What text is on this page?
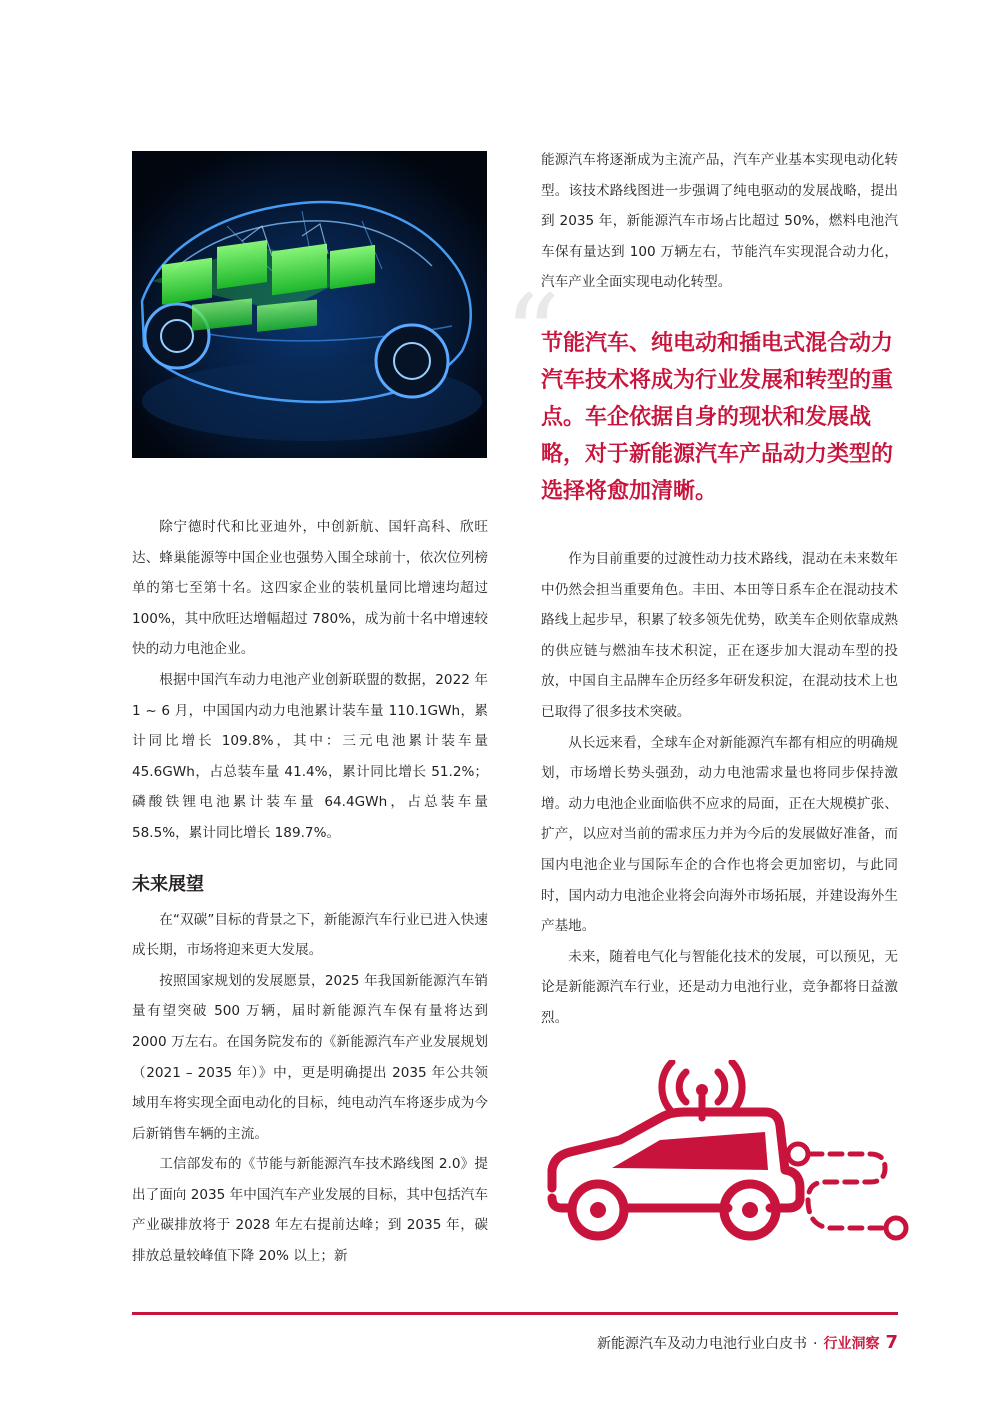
能源汽车将逐渐成为主流产品，汽车产业基本实现电动化转型。该技术路线图进一步强调了纯电驱动的发展战略，提出到 2035 年，新能源汽车市场占比超过 50%，燃料电池汽车保有量达到 100 万辆左右，节能汽车实现混合动力化，汽车产业全面实现电动化转型。

“

节能汽车、纯电动和插电式混合动力汽车技术将成为行业发展和转型的重点。车企依据自身的现状和发展战略，对于新能源汽车产品动力类型的选择将愈加清晰。

除宁德时代和比亚迪外，中创新航、国轩高科、欣旺达、蜂巢能源等中国企业也强势入围全球前十，依次位列榜单的第七至第十名。这四家企业的装机量同比增速均超过 100%，其中欣旺达增幅超过 780%，成为前十名中增速较快的动力电池企业。

根据中国汽车动力电池产业创新联盟的数据，2022 年 1 ~ 6 月，中国国内动力电池累计装车量 110.1GWh，累计同比增长 109.8%，其中：三元电池累计装车量 45.6GWh，占总装车量 41.4%，累计同比增长 51.2%；磷酸铁锂电池累计装车量 64.4GWh，占总装车量 58.5%，累计同比增长 189.7%。

未来展望

在“双碳”目标的背景之下，新能源汽车行业已进入快速成长期，市场将迎来更大发展。

按照国家规划的发展愿景，2025 年我国新能源汽车销量有望突破 500 万辆，届时新能源汽车保有量将达到 2000 万左右。在国务院发布的《新能源汽车产业发展规划（2021 – 2035 年）》中，更是明确提出 2035 年公共领域用车将实现全面电动化的目标，纯电动汽车将逐步成为今后新销售车辆的主流。

工信部发布的《节能与新能源汽车技术路线图 2.0》提出了面向 2035 年中国汽车产业发展的目标，其中包括汽车产业碳排放将于 2028 年左右提前达峰；到 2035 年，碳排放总量较峰值下降 20% 以上；新

作为目前重要的过渡性动力技术路线，混动在未来数年中仍然会担当重要角色。丰田、本田等日系车企在混动技术路线上起步早，积累了较多领先优势，欧美车企则依靠成熟的供应链与燃油车技术积淀，正在逐步加大混动车型的投放，中国自主品牌车企历经多年研发积淀，在混动技术上也已取得了很多技术突破。

从长远来看，全球车企对新能源汽车都有相应的明确规划，市场增长势头强劲，动力电池需求量也将同步保持激增。动力电池企业面临供不应求的局面，正在大规模扩张、扩产，以应对当前的需求压力并为今后的发展做好准备，而国内电池企业与国际车企的合作也将会更加密切，与此同时，国内动力电池企业将会向海外市场拓展，并建设海外生产基地。

未来，随着电气化与智能化技术的发展，可以预见，无论是新能源汽车行业，还是动力电池行业，竞争都将日益激烈。

新能源汽车及动力电池行业白皮书 · 行业洞察 7
